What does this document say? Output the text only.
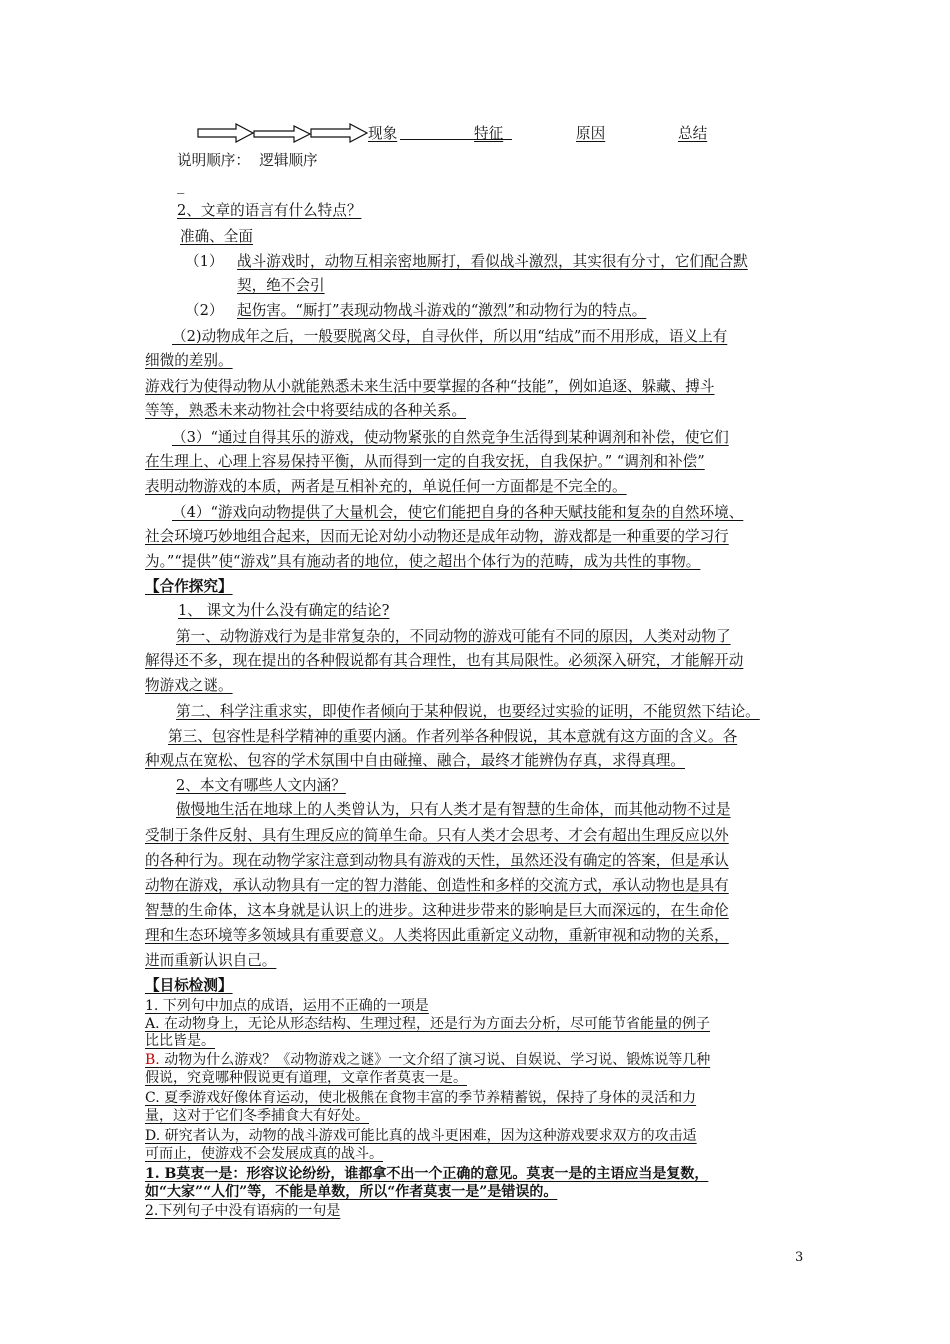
现象	特征	原因	总结
说明顺序： 逻辑顺序
_
2、文章的语言有什么特点？
准确、全面
（1） 战斗游戏时，动物互相亲密地厮打，看似战斗激烈，其实很有分寸，它们配合默
契，绝不会引
（2） 起伤害。“厮打”表现动物战斗游戏的“激烈”和动物行为的特点。
（2)动物成年之后，一般要脱离父母，自寻伙伴，所以用“结成”而不用形成，语义上有
细微的差别。
游戏行为使得动物从小就能熟悉未来生活中要掌握的各种“技能”，例如追逐、躲藏、搏斗
等等，熟悉未来动物社会中将要结成的各种关系。
（3）“通过自得其乐的游戏，使动物紧张的自然竞争生活得到某种调剂和补偿，使它们
在生理上、心理上容易保持平衡，从而得到一定的自我安抚，自我保护。” “调剂和补偿”
表明动物游戏的本质，两者是互相补充的，单说任何一方面都是不完全的。
（4）“游戏向动物提供了大量机会，使它们能把自身的各种天赋技能和复杂的自然环境、
社会环境巧妙地组合起来，因而无论对幼小动物还是成年动物，游戏都是一种重要的学习行
为。”“提供”使“游戏”具有施动者的地位，使之超出个体行为的范畴，成为共性的事物。
【合作探究】
1、 课文为什么没有确定的结论?
第一、动物游戏行为是非常复杂的，不同动物的游戏可能有不同的原因，人类对动物了
解得还不多，现在提出的各种假说都有其合理性，也有其局限性。必须深入研究，才能解开动
物游戏之谜。
第二、科学注重求实，即使作者倾向于某种假说，也要经过实验的证明，不能贸然下结论。
第三、包容性是科学精神的重要内涵。作者列举各种假说，其本意就有这方面的含义。各
种观点在宽松、包容的学术氛围中自由碰撞、融合，最终才能辨伪存真，求得真理。
2、本文有哪些人文内涵？
傲慢地生活在地球上的人类曾认为，只有人类才是有智慧的生命体，而其他动物不过是
受制于条件反射、具有生理反应的简单生命。只有人类才会思考、才会有超出生理反应以外
的各种行为。现在动物学家注意到动物具有游戏的天性，虽然还没有确定的答案，但是承认
动物在游戏，承认动物具有一定的智力潜能、创造性和多样的交流方式，承认动物也是具有
智慧的生命体，这本身就是认识上的进步。这种进步带来的影响是巨大而深远的，在生命伦
理和生态环境等多领域具有重要意义。人类将因此重新定义动物，重新审视和动物的关系，
进而重新认识自己。
【目标检测】
1. 下列句中加点的成语，运用不正确的一项是
A. 在动物身上，无论从形态结构、生理过程，还是行为方面去分析，尽可能节省能量的例子
比比皆是。
B. 动物为什么游戏？《动物游戏之谜》一文介绍了演习说、自娱说、学习说、锻炼说等几种
假说，究竟哪种假说更有道理，文章作者莫衷一是。
C. 夏季游戏好像体育运动，使北极熊在食物丰富的季节养精蓄锐，保持了身体的灵活和力
量，这对于它们冬季捕食大有好处。
D. 研究者认为，动物的战斗游戏可能比真的战斗更困难，因为这种游戏要求双方的攻击适
可而止，使游戏不会发展成真的战斗。
1. B莫衷一是：形容议论纷纷，谁都拿不出一个正确的意见。莫衷一是的主语应当是复数，
如“大家”“人们”等，不能是单数，所以“作者莫衷一是”是错误的。
2.下列句子中没有语病的一句是
3
